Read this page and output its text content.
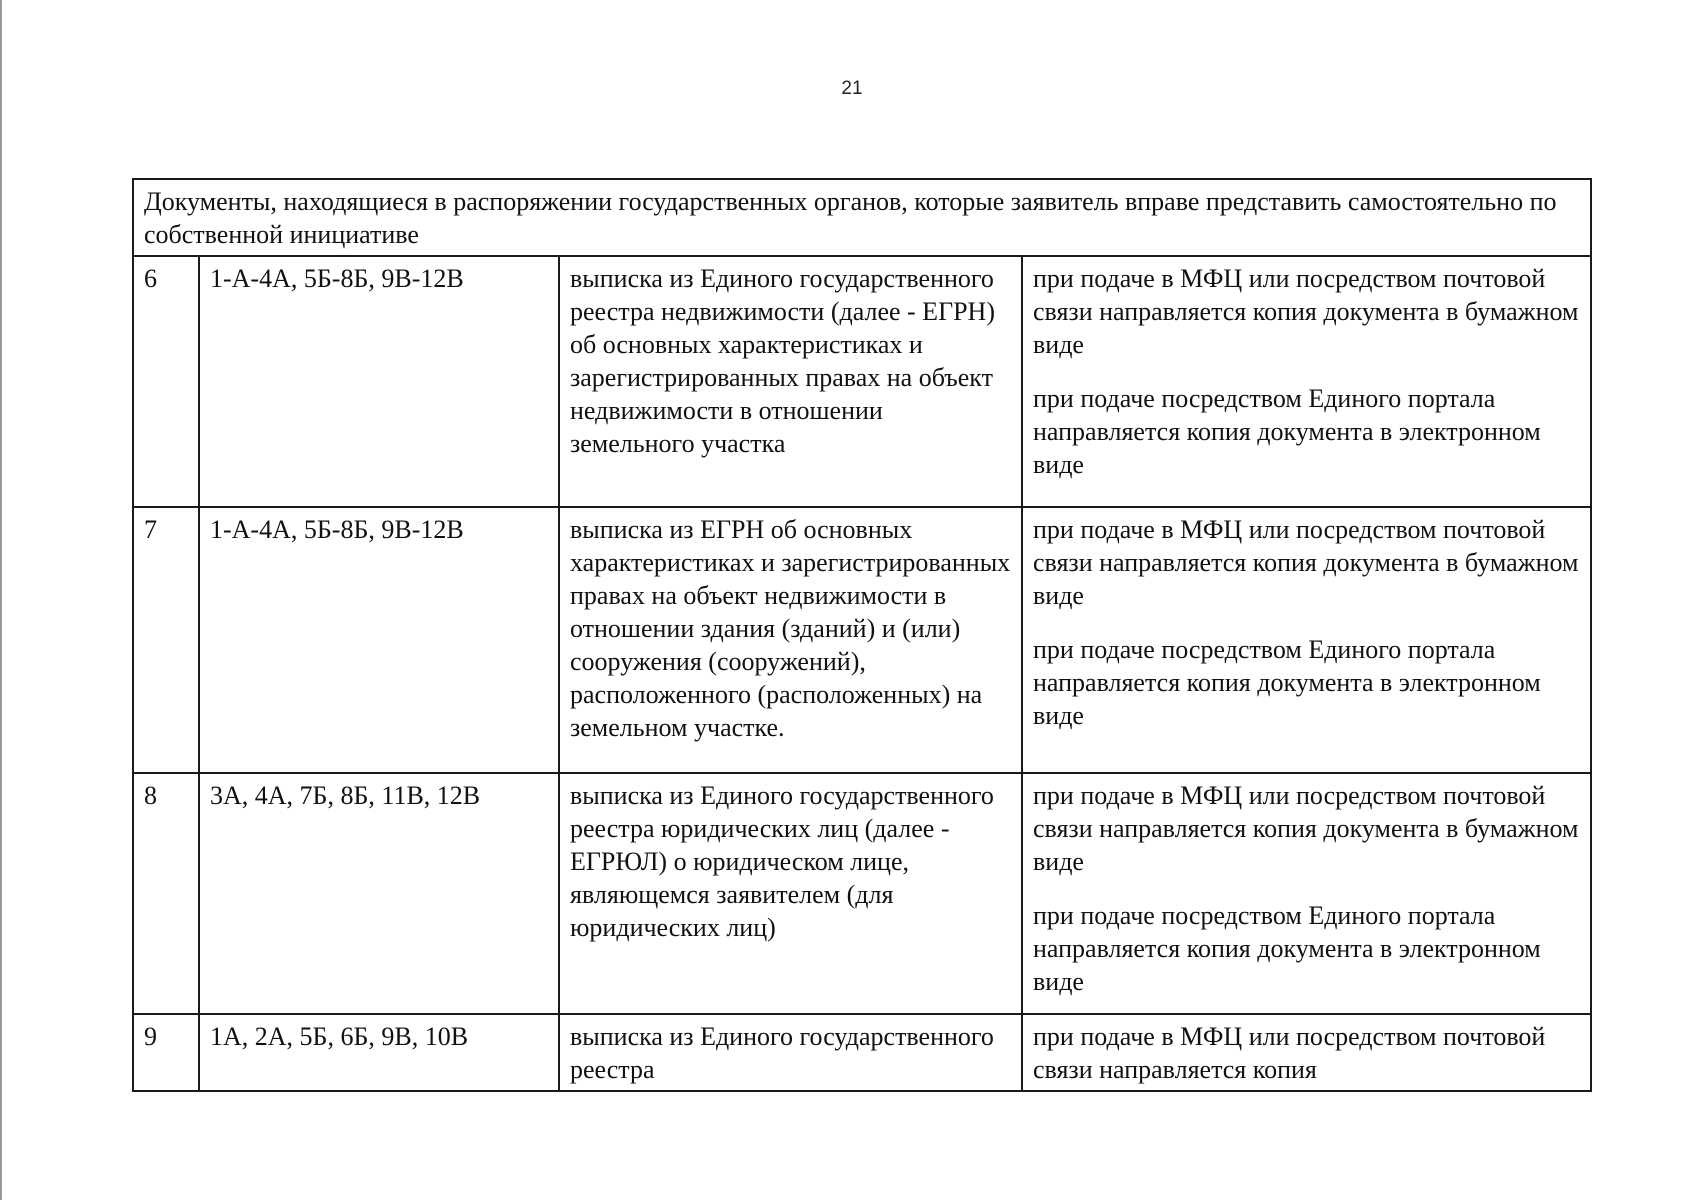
21
Документы, находящиеся в распоряжении государственных органов, которые заявитель вправе представить самостоятельно по собственной инициативе			
6	1-А-4А, 5Б-8Б, 9В-12В	выписка из Единого государственного реестра недвижимости (далее - ЕГРН) об основных характеристиках и зарегистрированных правах на объект недвижимости в отношении земельного участка	при подаче в МФЦ или посредством почтовой связи направляется копия документа в бумажном виде
при подаче посредством Единого портала направляется копия документа в электронном виде

7	1-А-4А, 5Б-8Б, 9В-12В	выписка из ЕГРН об основных характеристиках и зарегистрированных правах на объект недвижимости в отношении здания (зданий) и (или) сооружения (сооружений), расположенного (расположенных) на земельном участке.	при подаче в МФЦ или посредством почтовой связи направляется копия документа в бумажном виде
при подаче посредством Единого портала направляется копия документа в электронном виде

8	3А, 4А, 7Б, 8Б, 11В, 12В	выписка из Единого государственного реестра юридических лиц (далее - ЕГРЮЛ) о юридическом лице, являющемся заявителем (для юридических лиц)	при подаче в МФЦ или посредством почтовой связи направляется копия документа в бумажном виде
при подаче посредством Единого портала направляется копия документа в электронном виде

9	1А, 2А, 5Б, 6Б, 9В, 10В	выписка из Единого государственного реестра	при подаче в МФЦ или посредством почтовой связи направляется копия
